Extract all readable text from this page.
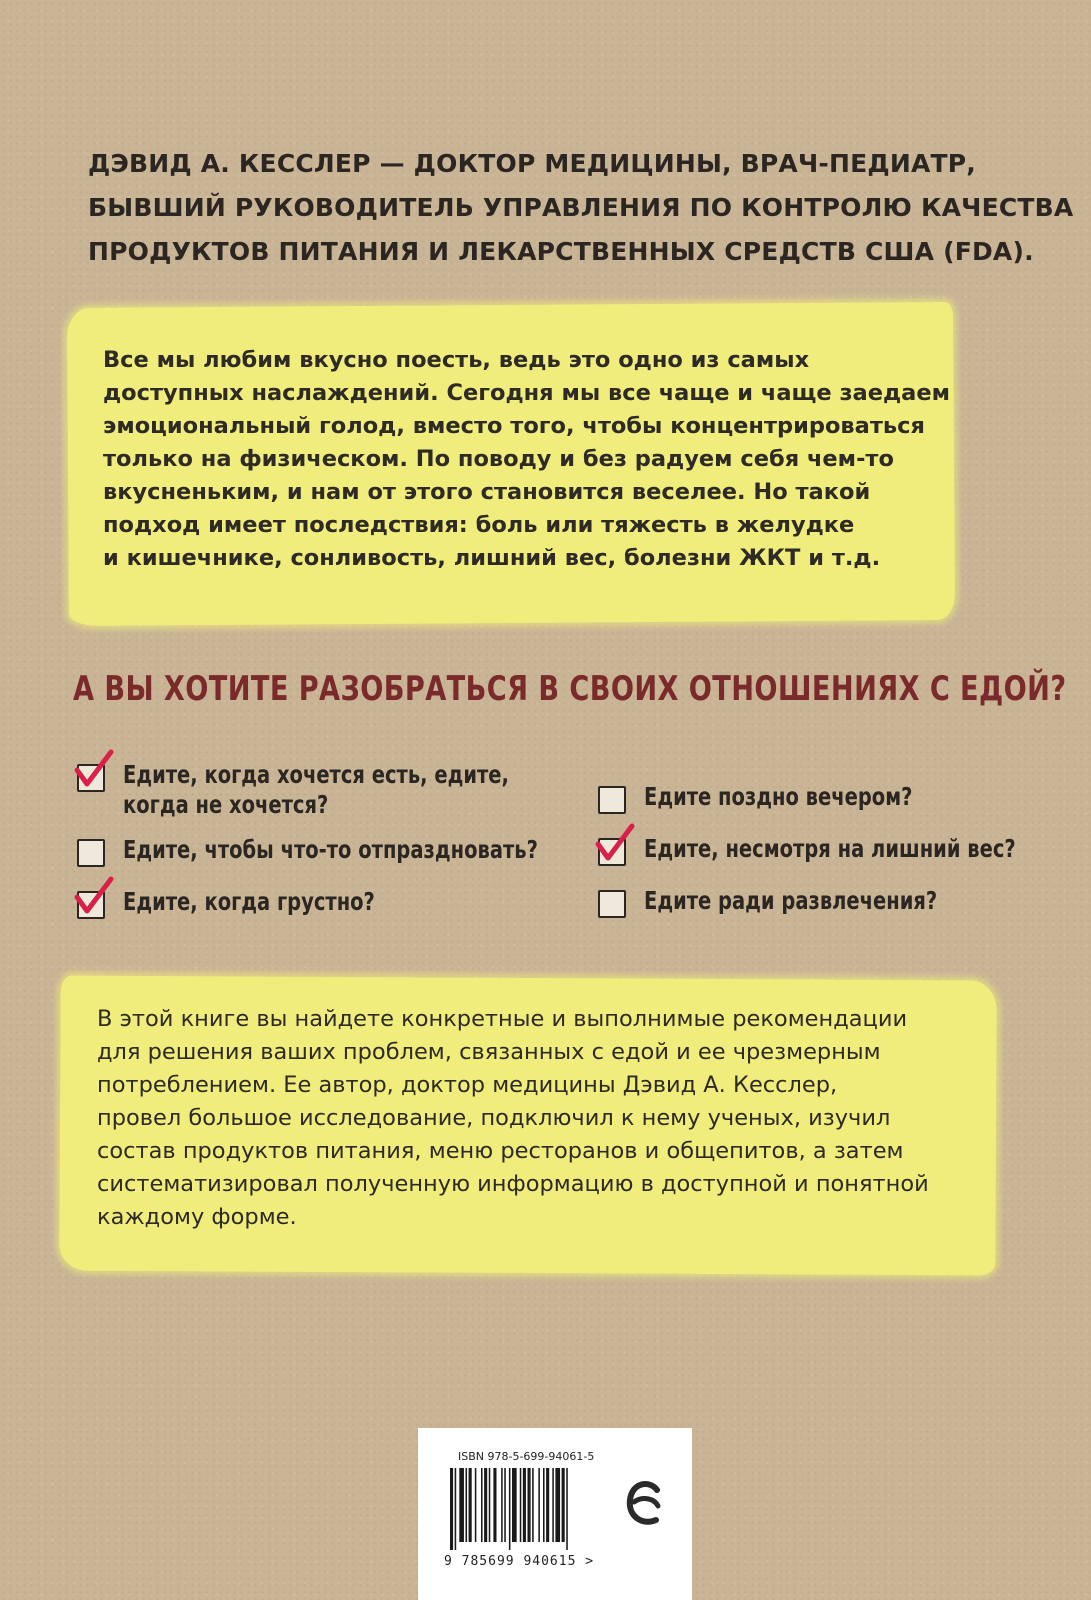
ДЭВИД А. КЕССЛЕР — ДОКТОР МЕДИЦИНЫ, ВРАЧ-ПЕДИАТР,
БЫВШИЙ РУКОВОДИТЕЛЬ УПРАВЛЕНИЯ ПО КОНТРОЛЮ КАЧЕСТВА
ПРОДУКТОВ ПИТАНИЯ И ЛЕКАРСТВЕННЫХ СРЕДСТВ США (FDA).
Все мы любим вкусно поесть, ведь это одно из самых
доступных наслаждений. Сегодня мы все чаще и чаще заедаем
эмоциональный голод, вместо того, чтобы концентрироваться
только на физическом. По поводу и без радуем себя чем-то
вкусненьким, и нам от этого становится веселее. Но такой
подход имеет последствия: боль или тяжесть в желудке
и кишечнике, сонливость, лишний вес, болезни ЖКТ и т.д.
А ВЫ ХОТИТЕ РАЗОБРАТЬСЯ В СВОИХ ОТНОШЕНИЯХ С ЕДОЙ?
Едите, когда хочется есть, едите,
когда не хочется?
Едите, чтобы что-то отпраздновать?
Едите, когда грустно?
Едите поздно вечером?
Едите, несмотря на лишний вес?
Едите ради развлечения?
В этой книге вы найдете конкретные и выполнимые рекомендации
для решения ваших проблем, связанных с едой и ее чрезмерным
потреблением. Ее автор, доктор медицины Дэвид А. Кесслер,
провел большое исследование, подключил к нему ученых, изучил
состав продуктов питания, меню ресторанов и общепитов, а затем
систематизировал полученную информацию в доступной и понятной
каждому форме.
ISBN 978-5-699-94061-5
9 785699 940615 >
